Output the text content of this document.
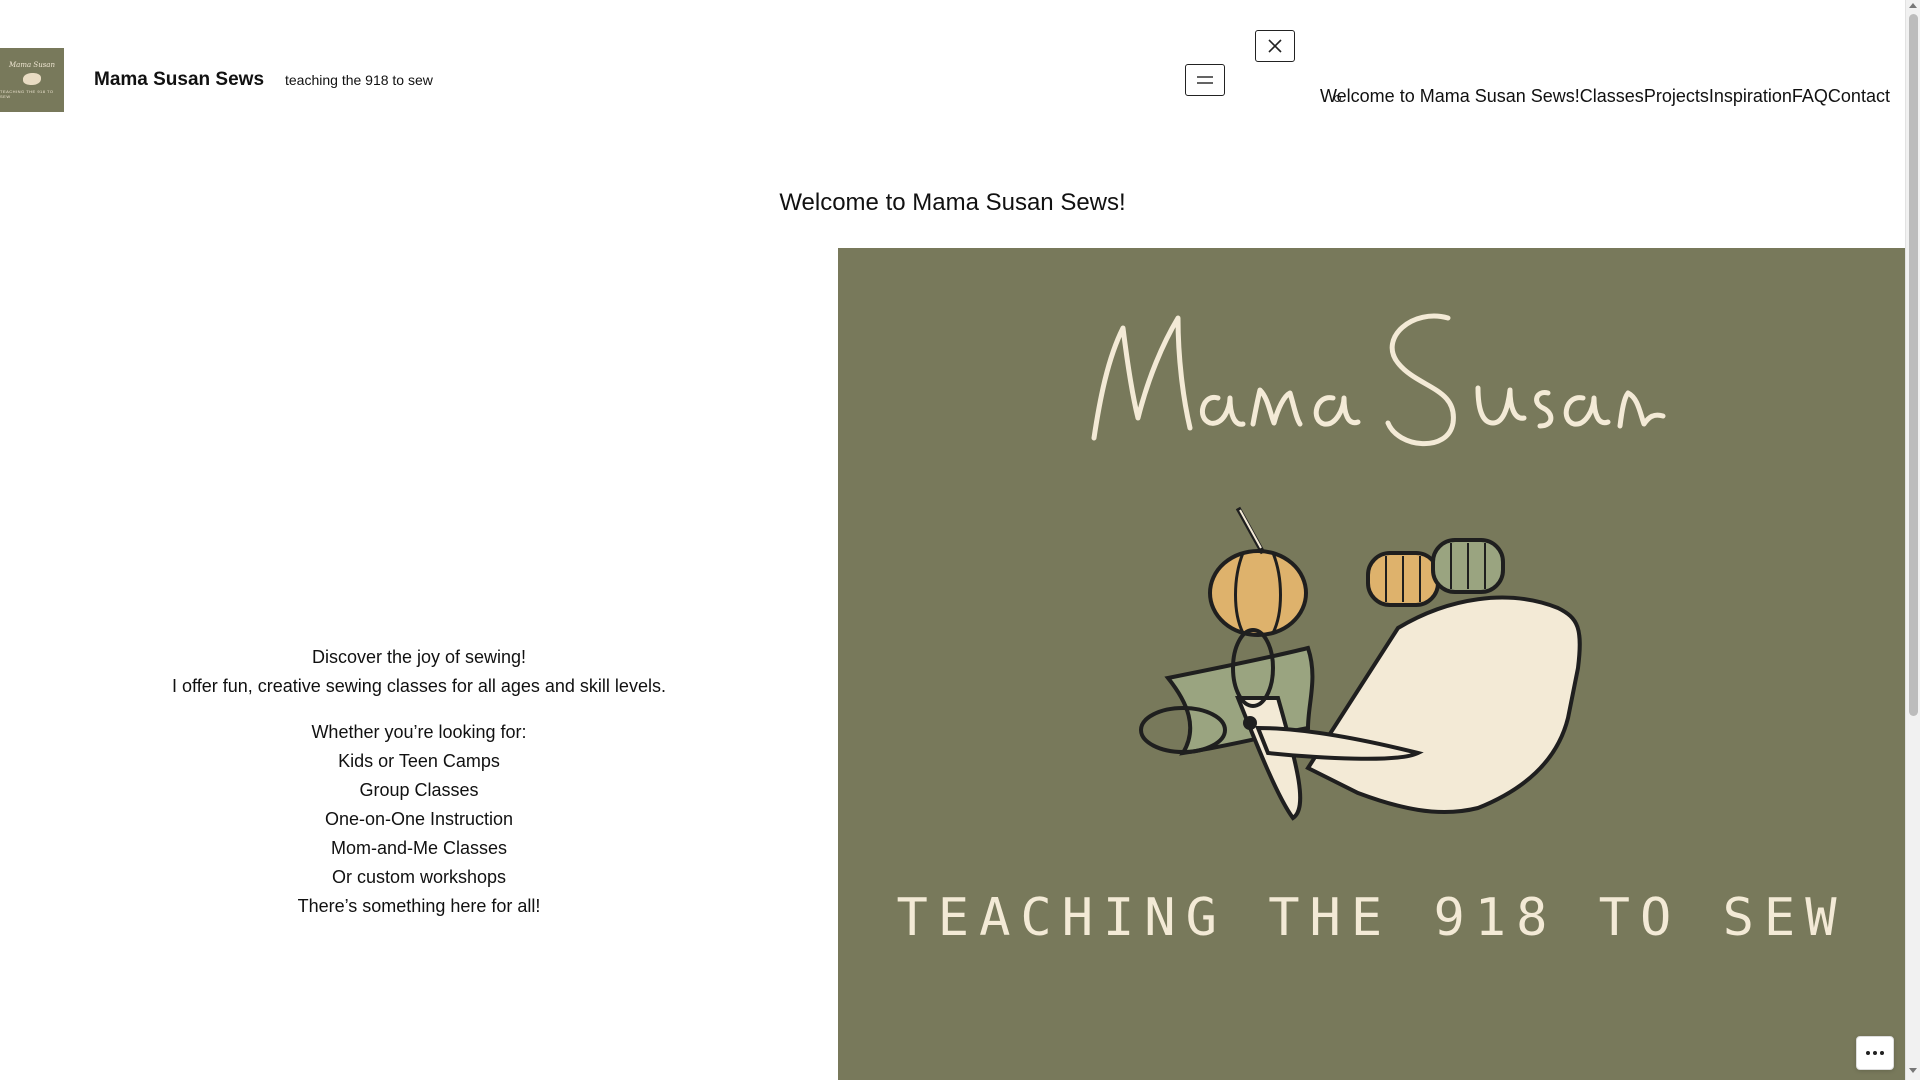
Mama Susan
TEACHING THE 918 TO SEW
Mama Susan Sews teaching the 918 to sew
Welcome to Mama Susan Sews! Classes Projects Inspiration FAQ Contact
Welcome to Mama Susan Sews!

Discover the joy of sewing!
I offer fun, creative sewing classes for all ages and skill levels.

Whether you’re looking for:
Kids or Teen Camps
Group Classes
One-on-One Instruction
Mom-and-Me Classes
Or custom workshops
There’s something here for all!	TEACHING THE 918 TO SEW
